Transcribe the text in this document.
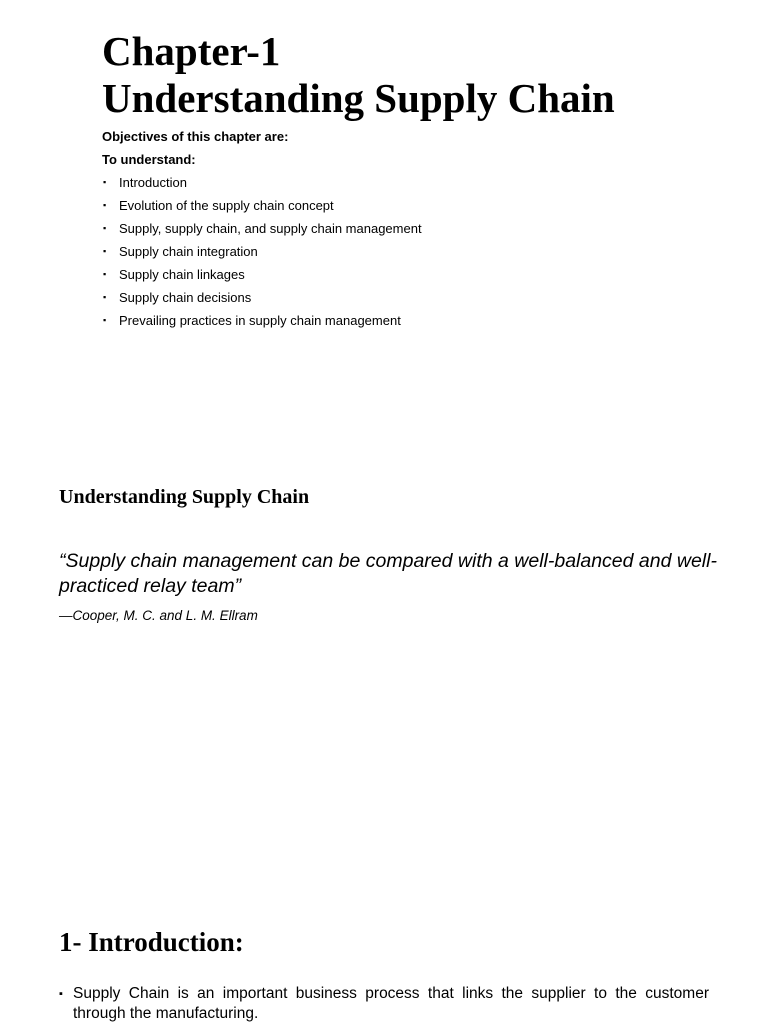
Chapter-1
Understanding Supply Chain

Objectives of this chapter are:

To understand:

▪ Introduction
▪ Evolution of the supply chain concept
▪ Supply, supply chain, and supply chain management
▪ Supply chain integration
▪ Supply chain linkages
▪ Supply chain decisions
▪ Prevailing practices in supply chain management
Understanding Supply Chain

“Supply chain management can be compared with a well-balanced and well-practiced relay team”

—Cooper, M. C. and L. M. Ellram

1- Introduction:
▪ Supply Chain is an important business process that links the supplier to the customer through the manufacturing.
